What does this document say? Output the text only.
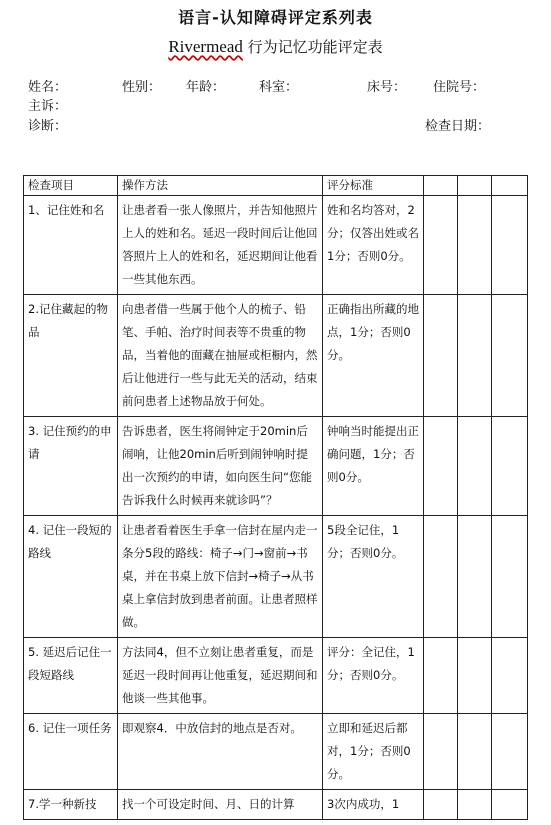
语言-认知障碍评定系列表
Rivermead 行为记忆功能评定表
姓名：	性别： 年龄：	科室：	床号： 住院号：
主诉：
诊断：	检查日期：
检查项目	操作方法	评分标准			
1、记住姓和名	让患者看一张人像照片，并告知他照片上人的姓和名。延迟一段时间后让他回答照片上人的姓和名，延迟期间让他看一些其他东西。	姓和名均答对，2分；仅答出姓或名1分；否则0分。			
2.记住藏起的物品	向患者借一些属于他个人的梳子、铅笔、手帕、治疗时间表等不贵重的物品，当着他的面藏在抽屉或柜橱内，然后让他进行一些与此无关的活动，结束前问患者上述物品放于何处。	正确指出所藏的地点，1分；否则0分。			
3. 记住预约的申请	告诉患者，医生将闹钟定于20min后闹响，让他20min后听到闹钟响时提出一次预约的申请，如向医生问“您能告诉我什么时候再来就诊吗”？	钟响当时能提出正确问题，1分；否则0分。			
4. 记住一段短的路线	让患者看着医生手拿一信封在屋内走一条分5段的路线：椅子→门→窗前→书桌，并在书桌上放下信封→椅子→从书桌上拿信封放到患者前面。让患者照样做。	5段全记住，1分；否则0分。			
5. 延迟后记住一段短路线	方法同4，但不立刻让患者重复，而是延迟一段时间再让他重复，延迟期间和他谈一些其他事。	评分：全记住，1分；否则0分。			
6. 记住一项任务	即观察4．中放信封的地点是否对。	立即和延迟后都对，1分；否则0分。			
7.学一种新技	找一个可设定时间、月、日的计算	3次内成功，1			
